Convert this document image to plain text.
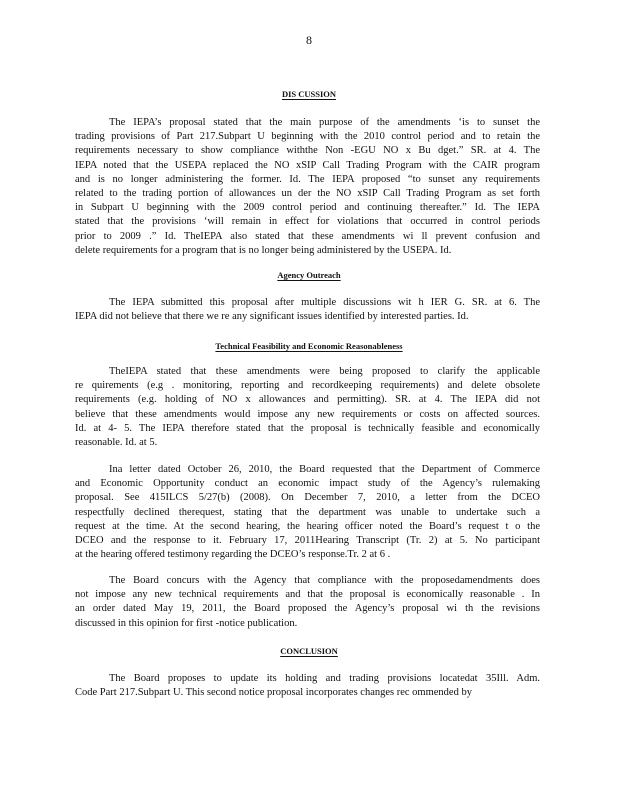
8
DIS CUSSION
The IEPA’s proposal stated that the main purpose of the amendments ‘is to sunset the
trading provisions of Part 217.Subpart U beginning with the 2010 control period and to retain the
requirements necessary to show compliance withthe Non -EGU NO x Bu dget.” SR. at 4. The
IEPA noted that the USEPA replaced the NO xSIP Call Trading Program with the CAIR program
and is no longer administering the former. Id. The IEPA proposed “to sunset any requirements
related to the trading portion of allowances un der the NO xSIP Call Trading Program as set forth
in Subpart U beginning with the 2009 control period and continuing thereafter.” Id. The IEPA
stated that the provisions ‘will remain in effect for violations that occurred in control periods
prior to 2009 .” Id. TheIEPA also stated that these amendments wi ll prevent confusion and
delete requirements for a program that is no longer being administered by the USEPA. Id.
Agency Outreach
The IEPA submitted this proposal after multiple discussions wit h IER G. SR. at 6. The
IEPA did not believe that there we re any significant issues identified by interested parties. Id.
Technical Feasibility and Economic Reasonableness
TheIEPA stated that these amendments were being proposed to clarify the applicable
re quirements (e.g . monitoring, reporting and recordkeeping requirements) and delete obsolete
requirements (e.g. holding of NO x allowances and permitting). SR. at 4. The IEPA did not
believe that these amendments would impose any new requirements or costs on affected sources.
Id. at 4- 5. The IEPA therefore stated that the proposal is technically feasible and economically
reasonable. Id. at 5.
Ina letter dated October 26, 2010, the Board requested that the Department of Commerce
and Economic Opportunity conduct an economic impact study of the Agency’s rulemaking
proposal. See 415ILCS 5/27(b) (2008). On December 7, 2010, a letter from the DCEO
respectfully declined therequest, stating that the department was unable to undertake such a
request at the time. At the second hearing, the hearing officer noted the Board’s request t o the
DCEO and the response to it. February 17, 2011Hearing Transcript (Tr. 2) at 5. No participant
at the hearing offered testimony regarding the DCEO’s response.Tr. 2 at 6 .
The Board concurs with the Agency that compliance with the proposedamendments does
not impose any new technical requirements and that the proposal is economically reasonable . In
an order dated May 19, 2011, the Board proposed the Agency’s proposal wi th the revisions
discussed in this opinion for first -notice publication.
CONCLUSION
The Board proposes to update its holding and trading provisions locatedat 35Ill. Adm.
Code Part 217.Subpart U. This second notice proposal incorporates changes rec ommended by
